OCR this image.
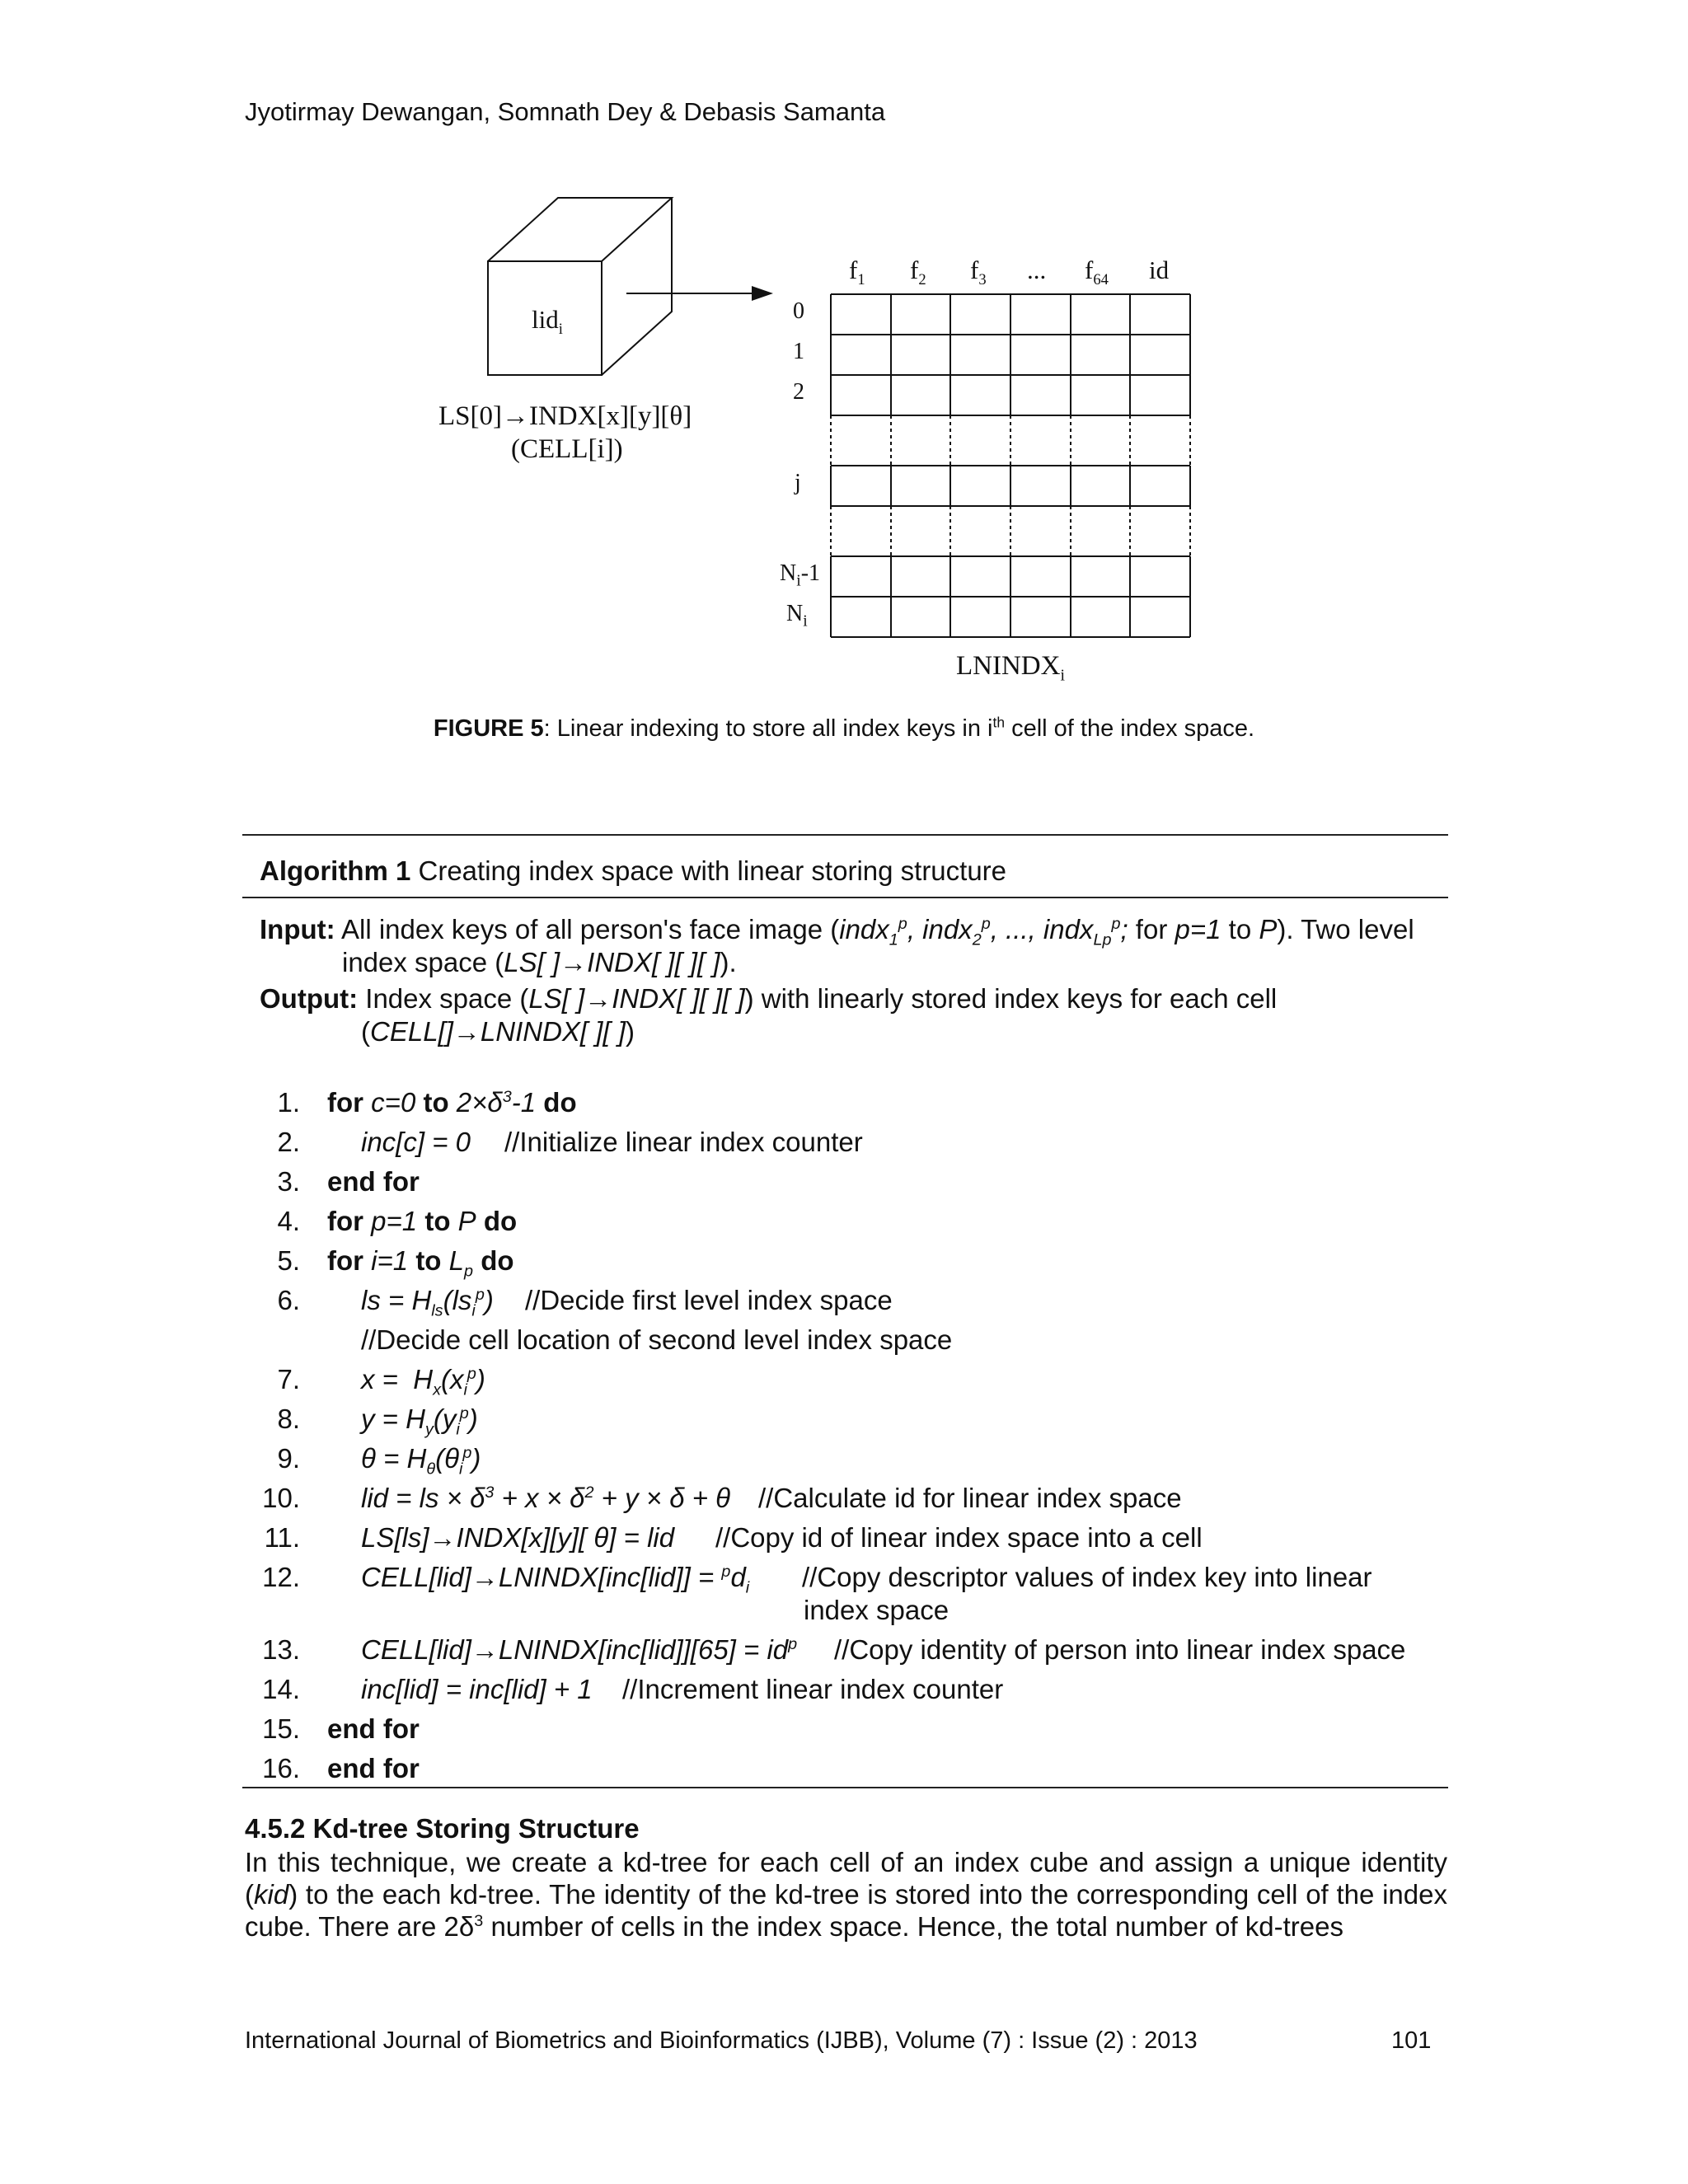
Jyotirmay Dewangan, Somnath Dey & Debasis Samanta
lid$_i$
LS[0]→INDX[x][y][θ]
(CELL[i])
$f_1$ $f_2$ $f_3$ ... $f_{64}$ id
0
1
2
j
$N_i-1$
$N_i$
$LNINDX_i$
FIGURE 5: Linear indexing to store all index keys in $i^{th}$ cell of the index space.
Algorithm 1 Creating index space with linear storing structure
Input: All index keys of all person's face image (indx$_1^p$, indx$_2^p$, ..., indx$_{Lp}^p$; for p=1 to P). Two level
index space (LS[ ]→INDX[ ][ ][ ]).
Output: Index space (LS[ ]→INDX[ ][ ][ ]) with linearly stored index keys for each cell
(CELL[]→LNINDX[ ][ ])
1. for c=0 to $2\times\delta^3-1$ do
2. inc[c] = 0 //Initialize linear index counter
3. end for
4. for p=1 to P do
5. for i=1 to $L_p$ do
6. ls = $H_{ls}(ls_i^p)$ //Decide first level index space
//Decide cell location of second level index space
7. $x = H_x(x_i^p)$
8. $y = H_y(y_i^p)$
9. $\theta = H_\theta(\theta_i^p)$
10. lid = ls × $\delta^3 + x \times \delta^2 + y \times \delta + \theta$ //Calculate id for linear index space
11. LS[ls]→INDX[x][y][ θ] = lid //Copy id of linear index space into a cell
12. CELL[lid]→LNINDX[inc[lid]] = $^pd_i$ //Copy descriptor values of index key into linear
index space
13. CELL[lid]→LNINDX[inc[lid]][65] = $id^p$ //Copy identity of person into linear index space
14. inc[lid] = inc[lid] + 1 //Increment linear index counter
15. end for
16. end for
4.5.2 Kd-tree Storing Structure
In this technique, we create a kd-tree for each cell of an index cube and assign a unique identity (kid) to the each kd-tree. The identity of the kd-tree is stored into the corresponding cell of the index cube. There are $2\delta^3$ number of cells in the index space. Hence, the total number of kd-trees
International Journal of Biometrics and Bioinformatics (IJBB), Volume (7) : Issue (2) : 2013	101
